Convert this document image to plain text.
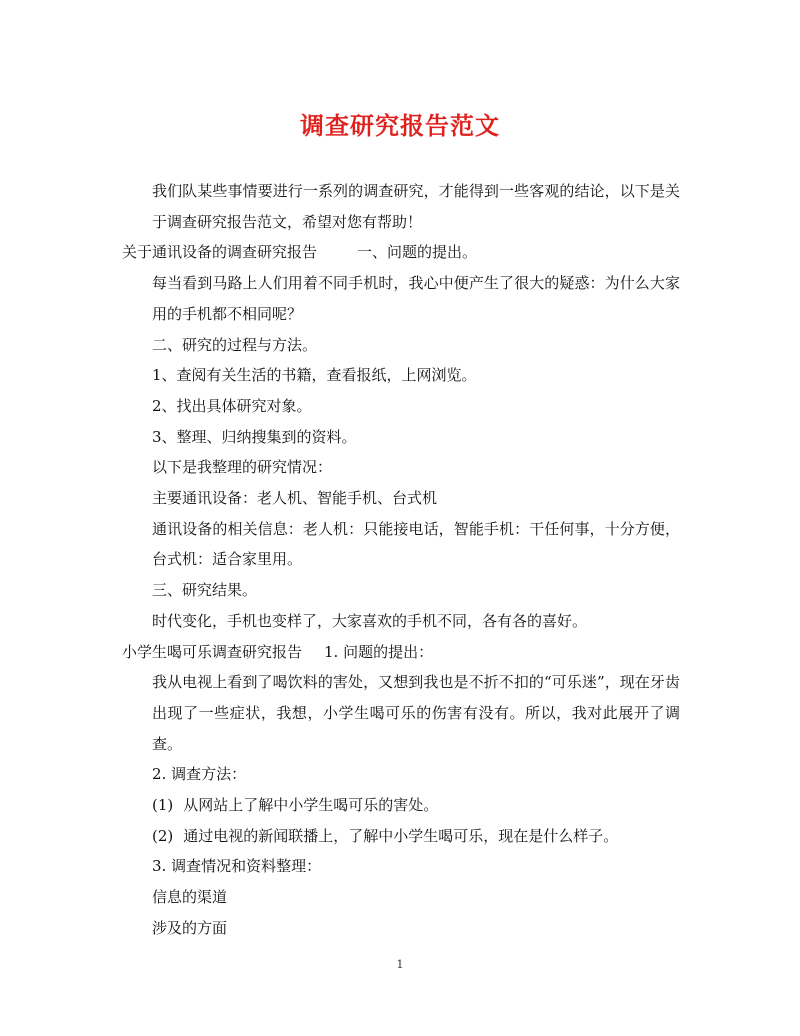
调查研究报告范文

我们队某些事情要进行一系列的调查研究，才能得到一些客观的结论，以下是关于调查研究报告范文，希望对您有帮助！

关于通讯设备的调查研究报告	一、问题的提出。

每当看到马路上人们用着不同手机时，我心中便产生了很大的疑惑：为什么大家用的手机都不相同呢？

二、研究的过程与方法。

1、查阅有关生活的书籍，查看报纸，上网浏览。

2、找出具体研究对象。

3、整理、归纳搜集到的资料。

以下是我整理的研究情况：

主要通讯设备：老人机、智能手机、台式机

通讯设备的相关信息：老人机：只能接电话，智能手机：干任何事，十分方便，台式机：适合家里用。

三、研究结果。

时代变化，手机也变样了，大家喜欢的手机不同，各有各的喜好。

小学生喝可乐调查研究报告 1. 问题的提出：

我从电视上看到了喝饮料的害处，又想到我也是不折不扣的“可乐迷”，现在牙齿出现了一些症状，我想，小学生喝可乐的伤害有没有。所以，我对此展开了调查。

2. 调查方法：

(1) 从网站上了解中小学生喝可乐的害处。

(2) 通过电视的新闻联播上，了解中小学生喝可乐，现在是什么样子。

3. 调查情况和资料整理：

信息的渠道

涉及的方面

1
